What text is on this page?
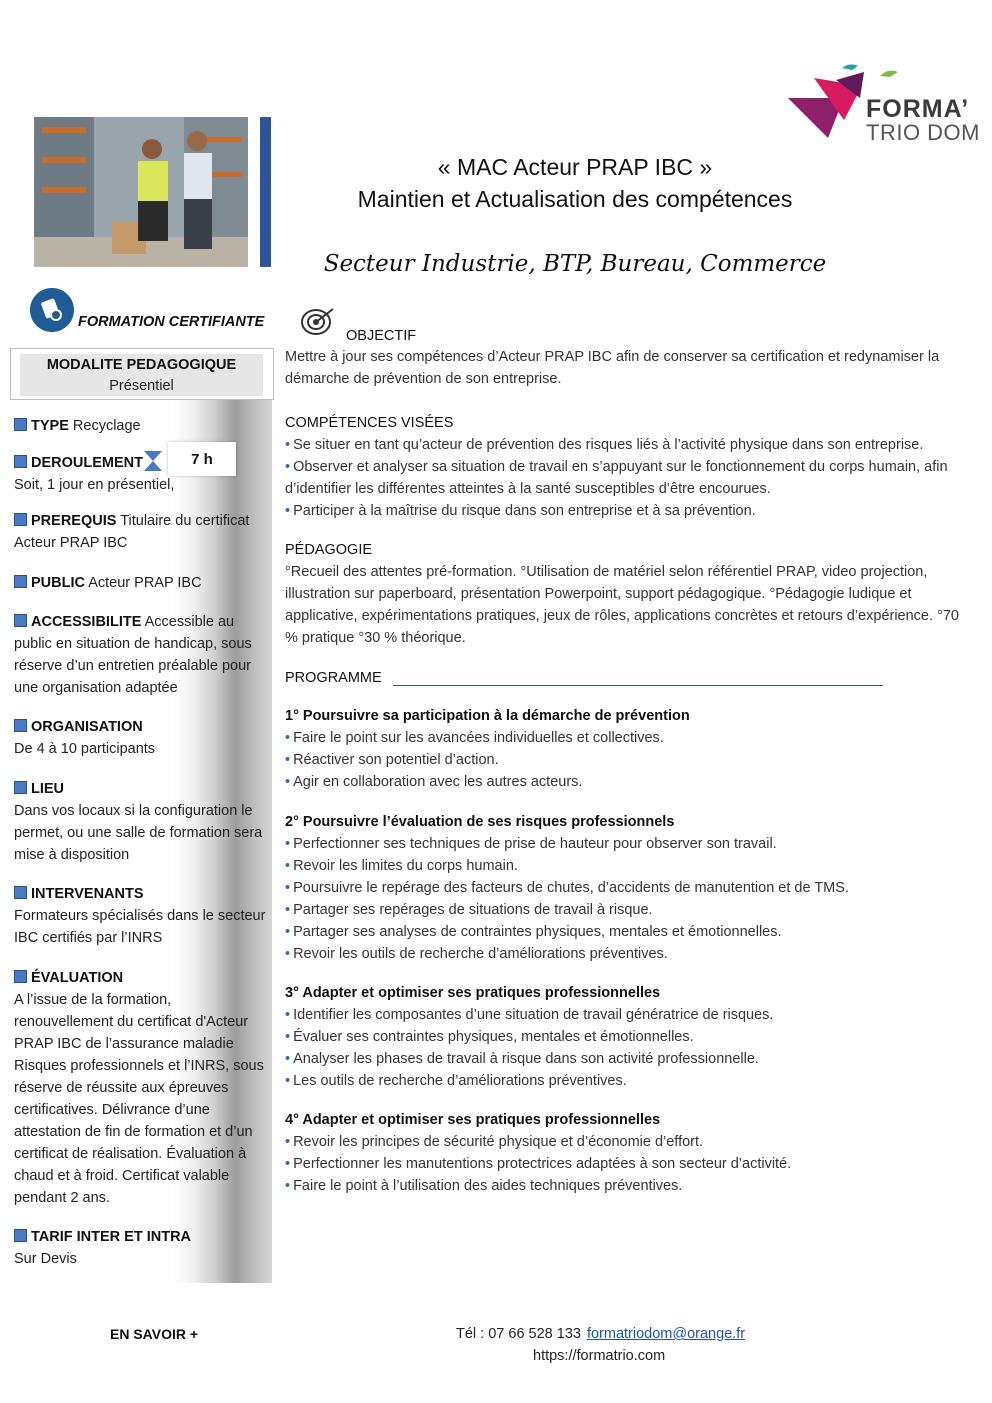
FORMA’
TRIO DOM
« MAC Acteur PRAP IBC »
Maintien et Actualisation des compétences
Secteur Industrie, BTP, Bureau, Commerce
FORMATION CERTIFIANTE
MODALITE PEDAGOGIQUE
Présentiel
TYPE Recyclage
DEROULEMENT
Soit, 1 jour en présentiel,
7 h
PREREQUIS Titulaire du certificat Acteur PRAP IBC
PUBLIC Acteur PRAP IBC
ACCESSIBILITE Accessible au public en situation de handicap, sous réserve d’un entretien préalable pour une organisation adaptée
ORGANISATION
De 4 à 10 participants
LIEU
Dans vos locaux si la configuration le permet, ou une salle de formation sera mise à disposition
INTERVENANTS
Formateurs spécialisés dans le secteur IBC certifiés par l’INRS
ÉVALUATION
A l’issue de la formation, renouvellement du certificat d'Acteur PRAP IBC de l’assurance maladie Risques professionnels et l’INRS, sous réserve de réussite aux épreuves certificatives. Délivrance d’une attestation de fin de formation et d’un certificat de réalisation. Évaluation à chaud et à froid. Certificat valable pendant 2 ans.
TARIF INTER ET INTRA
Sur Devis
OBJECTIF
Mettre à jour ses compétences d’Acteur PRAP IBC afin de conserver sa certification et redynamiser la démarche de prévention de son entreprise.
COMPÉTENCES VISÉES
• Se situer en tant qu’acteur de prévention des risques liés à l’activité physique dans son entreprise.
• Observer et analyser sa situation de travail en s’appuyant sur le fonctionnement du corps humain, afin d’identifier les différentes atteintes à la santé susceptibles d’être encourues.
• Participer à la maîtrise du risque dans son entreprise et à sa prévention.
PÉDAGOGIE
°Recueil des attentes pré-formation. °Utilisation de matériel selon référentiel PRAP, video projection, illustration sur paperboard, présentation Powerpoint, support pédagogique. °Pédagogie ludique et applicative, expérimentations pratiques, jeux de rôles, applications concrètes et retours d’expérience. °70 % pratique °30 % théorique.
PROGRAMME
1° Poursuivre sa participation à la démarche de prévention
• Faire le point sur les avancées individuelles et collectives.
• Réactiver son potentiel d’action.
• Agir en collaboration avec les autres acteurs.
2° Poursuivre l’évaluation de ses risques professionnels
• Perfectionner ses techniques de prise de hauteur pour observer son travail.
• Revoir les limites du corps humain.
• Poursuivre le repérage des facteurs de chutes, d’accidents de manutention et de TMS.
• Partager ses repérages de situations de travail à risque.
• Partager ses analyses de contraintes physiques, mentales et émotionnelles.
• Revoir les outils de recherche d’améliorations préventives.
3° Adapter et optimiser ses pratiques professionnelles
• Identifier les composantes d’une situation de travail génératrice de risques.
• Évaluer ses contraintes physiques, mentales et émotionnelles.
• Analyser les phases de travail à risque dans son activité professionnelle.
• Les outils de recherche d’améliorations préventives.
4° Adapter et optimiser ses pratiques professionnelles
• Revoir les principes de sécurité physique et d’économie d’effort.
• Perfectionner les manutentions protectrices adaptées à son secteur d’activité.
• Faire le point à l’utilisation des aides techniques préventives.
EN SAVOIR +	Tél : 07 66 528 133 formatriodom@orange.fr
https://formatrio.com
